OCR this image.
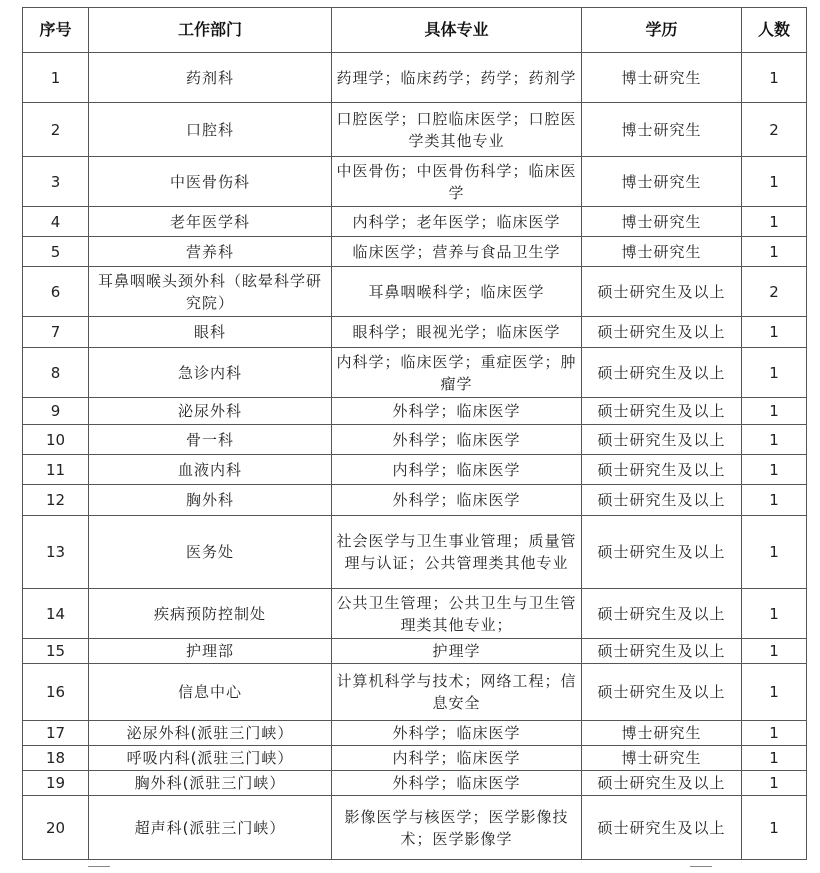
序号	工作部门	具体专业	学历	人数
1	药剂科	药理学；临床药学；药学；药剂学	博士研究生	1
2	口腔科	口腔医学；口腔临床医学；口腔医学类其他专业	博士研究生	2
3	中医骨伤科	中医骨伤；中医骨伤科学；临床医学	博士研究生	1
4	老年医学科	内科学；老年医学；临床医学	博士研究生	1
5	营养科	临床医学；营养与食品卫生学	博士研究生	1
6	耳鼻咽喉头颈外科（眩晕科学研究院）	耳鼻咽喉科学；临床医学	硕士研究生及以上	2
7	眼科	眼科学；眼视光学；临床医学	硕士研究生及以上	1
8	急诊内科	内科学；临床医学；重症医学；肿瘤学	硕士研究生及以上	1
9	泌尿外科	外科学；临床医学	硕士研究生及以上	1
10	骨一科	外科学；临床医学	硕士研究生及以上	1
11	血液内科	内科学；临床医学	硕士研究生及以上	1
12	胸外科	外科学；临床医学	硕士研究生及以上	1
13	医务处	社会医学与卫生事业管理；质量管理与认证；公共管理类其他专业	硕士研究生及以上	1
14	疾病预防控制处	公共卫生管理；公共卫生与卫生管理类其他专业；	硕士研究生及以上	1
15	护理部	护理学	硕士研究生及以上	1
16	信息中心	计算机科学与技术；网络工程；信息安全	硕士研究生及以上	1
17	泌尿外科(派驻三门峡）	外科学；临床医学	博士研究生	1
18	呼吸内科(派驻三门峡）	内科学；临床医学	博士研究生	1
19	胸外科(派驻三门峡）	外科学；临床医学	硕士研究生及以上	1
20	超声科(派驻三门峡）	影像医学与核医学；医学影像技术；医学影像学	硕士研究生及以上	1
